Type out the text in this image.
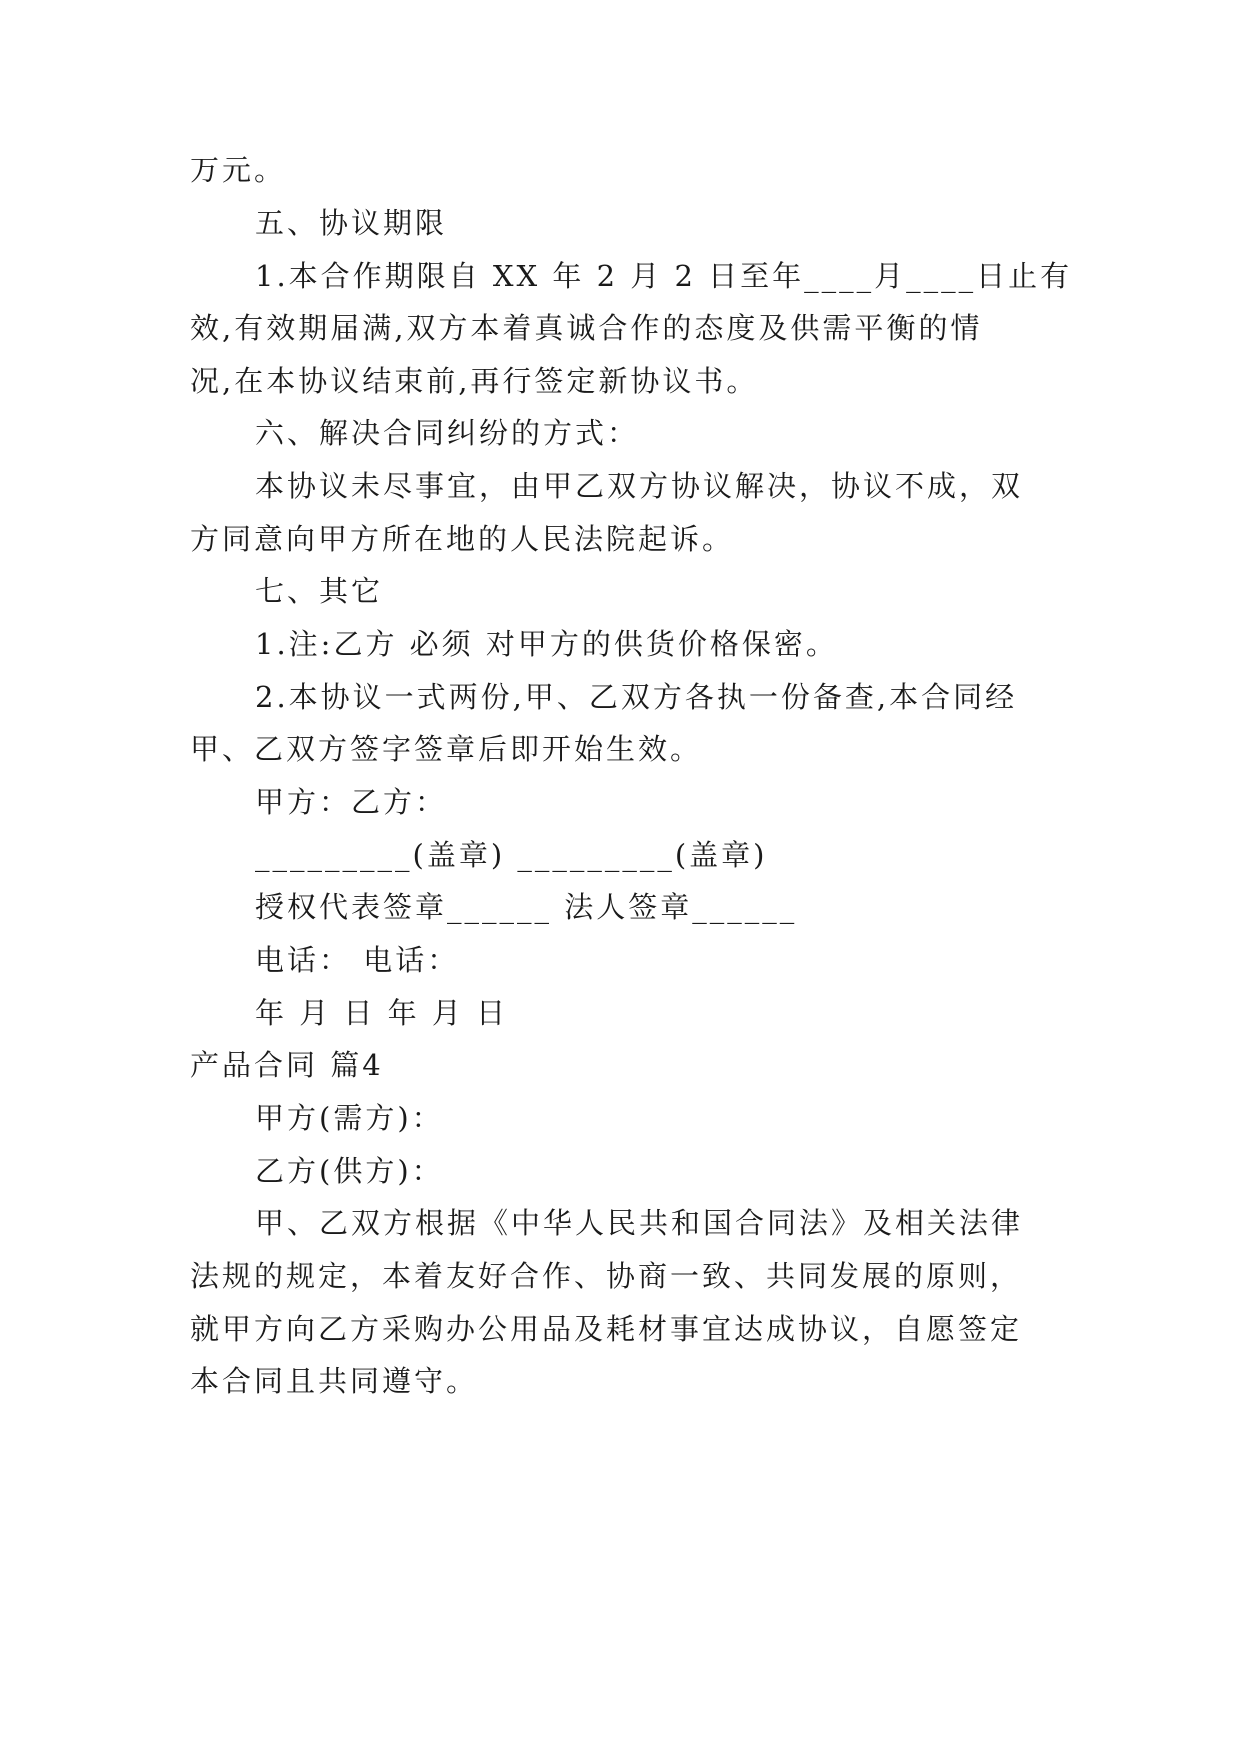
万元。
五、协议期限
1.本合作期限自 XX 年 2 月 2 日至年____月____日止有
效,有效期届满,双方本着真诚合作的态度及供需平衡的情
况,在本协议结束前,再行签定新协议书。
六、解决合同纠纷的方式：
本协议未尽事宜，由甲乙双方协议解决，协议不成，双
方同意向甲方所在地的人民法院起诉。
七、其它
1.注:乙方 必须 对甲方的供货价格保密。
2.本协议一式两份,甲、乙双方各执一份备查,本合同经
甲、乙双方签字签章后即开始生效。
甲方：乙方：
_________(盖章) _________(盖章)
授权代表签章______ 法人签章______
电话： 电话：
年 月 日 年 月 日
产品合同 篇4
甲方(需方)：
乙方(供方)：
甲、乙双方根据《中华人民共和国合同法》及相关法律
法规的规定，本着友好合作、协商一致、共同发展的原则，
就甲方向乙方采购办公用品及耗材事宜达成协议，自愿签定
本合同且共同遵守。
